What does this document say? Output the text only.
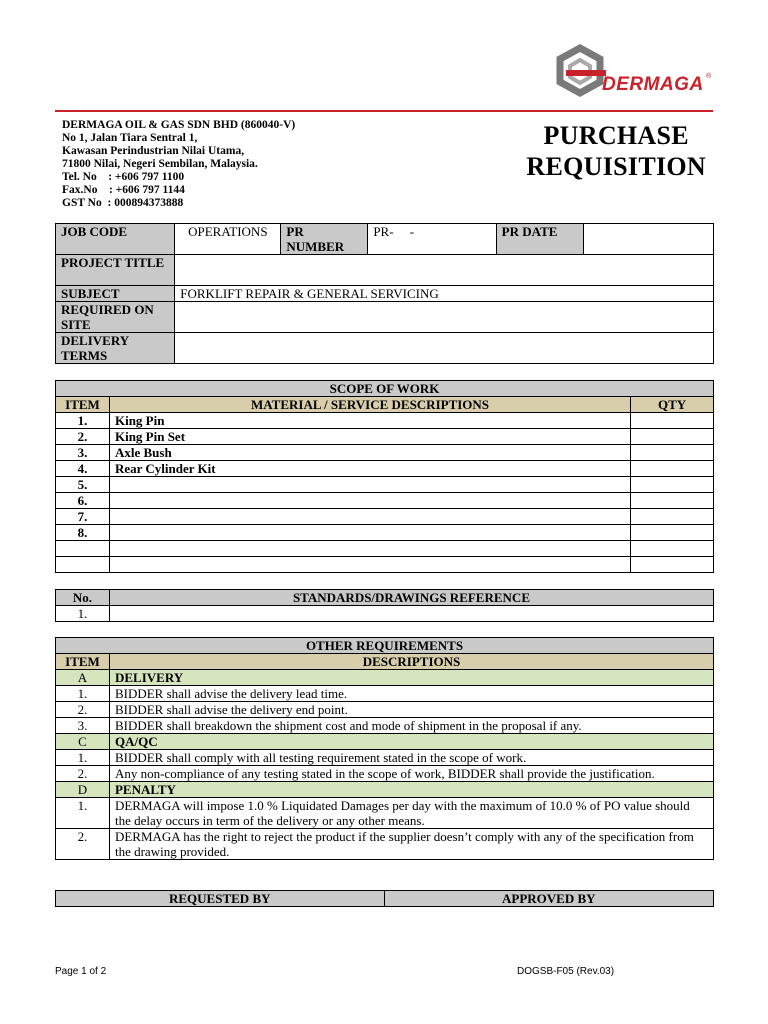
DERMAGA ®
DERMAGA OIL & GAS SDN BHD (860040-V)
No 1, Jalan Tiara Sentral 1,
Kawasan Perindustrian Nilai Utama,
71800 Nilai, Negeri Sembilan, Malaysia.
Tel. No    : +606 797 1100
Fax.No    : +606 797 1144
GST No  : 000894373888
PURCHASE
REQUISITION
JOB CODE	OPERATIONS	PR NUMBER	PR-     -	PR DATE	
PROJECT TITLE					
SUBJECT	FORKLIFT REPAIR & GENERAL SERVICING				
REQUIRED ON SITE					
DELIVERY TERMS					
SCOPE OF WORK		
ITEM	MATERIAL / SERVICE DESCRIPTIONS	QTY
1.	King Pin	
2.	King Pin Set	
3.	Axle Bush	
4.	Rear Cylinder Kit	
5.		
6.		
7.		
8.		

No.	STANDARDS/DRAWINGS REFERENCE
1.	
OTHER REQUIREMENTS	
ITEM	DESCRIPTIONS
A	DELIVERY
1.	BIDDER shall advise the delivery lead time.
2.	BIDDER shall advise the delivery end point.
3.	BIDDER shall breakdown the shipment cost and mode of shipment in the proposal if any.
C	QA/QC
1.	BIDDER shall comply with all testing requirement stated in the scope of work.
2.	Any non-compliance of any testing stated in the scope of work, BIDDER shall provide the justification.
D	PENALTY
1.	DERMAGA will impose 1.0 % Liquidated Damages per day with the maximum of 10.0 % of PO value should the delay occurs in term of the delivery or any other means.
2.	DERMAGA has the right to reject the product if the supplier doesn’t comply with any of the specification from the drawing provided.
REQUESTED BY	APPROVED BY
Page 1 of 2	DOGSB-F05 (Rev.03)
